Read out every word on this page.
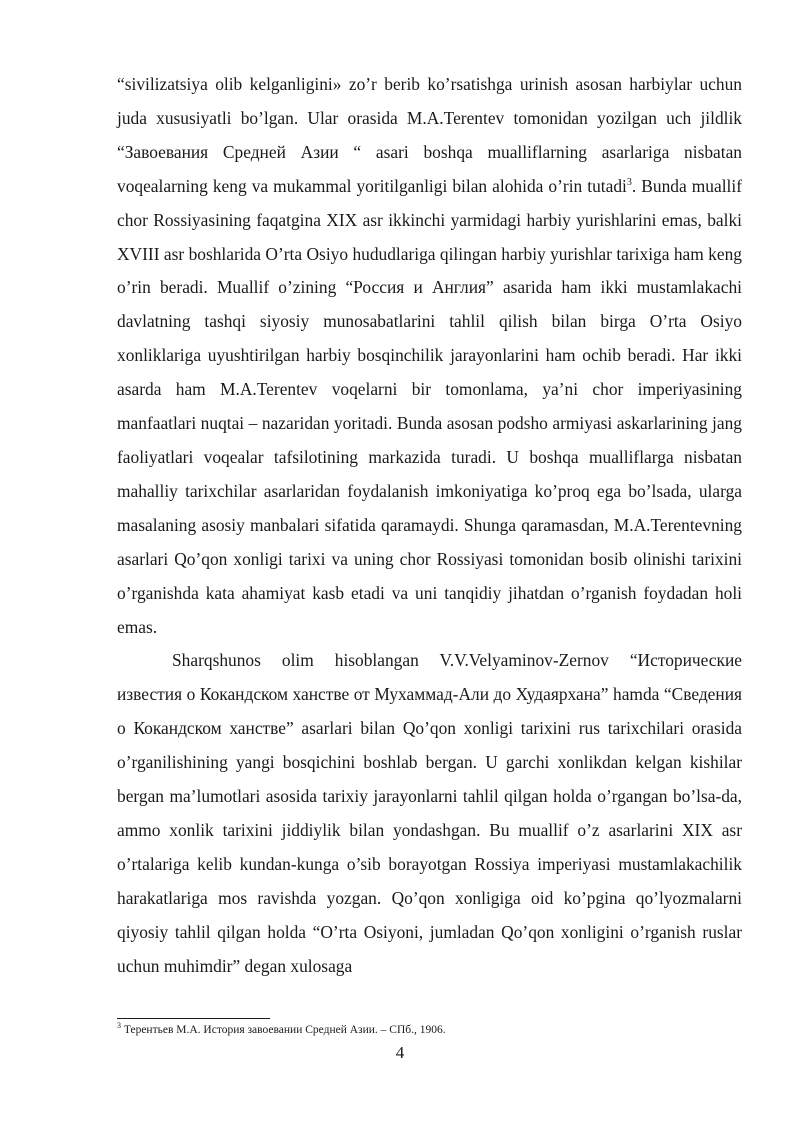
“sivilizatsiya olib kelganligini» zo’r berib ko’rsatishga urinish asosan harbiylar uchun juda xususiyatli bo’lgan. Ular orasida M.A.Terentev tomonidan yozilgan uch jildlik “Завоевания Средней Азии “ asari boshqa mualliflarning asarlariga nisbatan voqealarning keng va mukammal yoritilganligi bilan alohida o’rin tutadi$^3$. Bunda muallif chor Rossiyasining faqatgina XIX asr ikkinchi yarmidagi harbiy yurishlarini emas, balki XVIII asr boshlarida O’rta Osiyo hududlariga qilingan harbiy yurishlar tarixiga ham keng o’rin beradi. Muallif o’zining “Россия и Англия” asarida ham ikki mustamlakachi davlatning tashqi siyosiy munosabatlarini tahlil qilish bilan birga O’rta Osiyo xonliklariga uyushtirilgan harbiy bosqinchilik jarayonlarini ham ochib beradi. Har ikki asarda ham M.A.Terentev voqelarni bir tomonlama, ya’ni chor imperiyasining manfaatlari nuqtai – nazaridan yoritadi. Bunda asosan podsho armiyasi askarlarining jang faoliyatlari voqealar tafsilotining markazida turadi. U boshqa mualliflarga nisbatan mahalliy tarixchilar asarlaridan foydalanish imkoniyatiga ko’proq ega bo’lsada, ularga masalaning asosiy manbalari sifatida qaramaydi. Shunga qaramasdan, M.A.Terentevning asarlari Qo’qon xonligi tarixi va uning chor Rossiyasi tomonidan bosib olinishi tarixini o’rganishda kata ahamiyat kasb etadi va uni tanqidiy jihatdan o’rganish foydadan holi emas.

Sharqshunos olim hisoblangan V.V.Velyaminov-Zernov “Исторические известия о Кокандском ханстве от Мухаммад-Али до Худаярхана” hamda “Сведения о Кокандском ханстве” asarlari bilan Qo’qon xonligi tarixini rus tarixchilari orasida o’rganilishining yangi bosqichini boshlab bergan. U garchi xonlikdan kelgan kishilar bergan ma’lumotlari asosida tarixiy jarayonlarni tahlil qilgan holda o’rgangan bo’lsa-da, ammo xonlik tarixini jiddiylik bilan yondashgan. Bu muallif o’z asarlarini XIX asr o’rtalariga kelib kundan-kunga o’sib borayotgan Rossiya imperiyasi mustamlakachilik harakatlariga mos ravishda yozgan. Qo’qon xonligiga oid ko’pgina qo’lyozmalarni qiyosiy tahlil qilgan holda “O’rta Osiyoni, jumladan Qo’qon xonligini o’rganish ruslar uchun muhimdir” degan xulosaga

$^3$ Терентьев М.А. История завоевании Средней Азии. – СПб., 1906.
4
